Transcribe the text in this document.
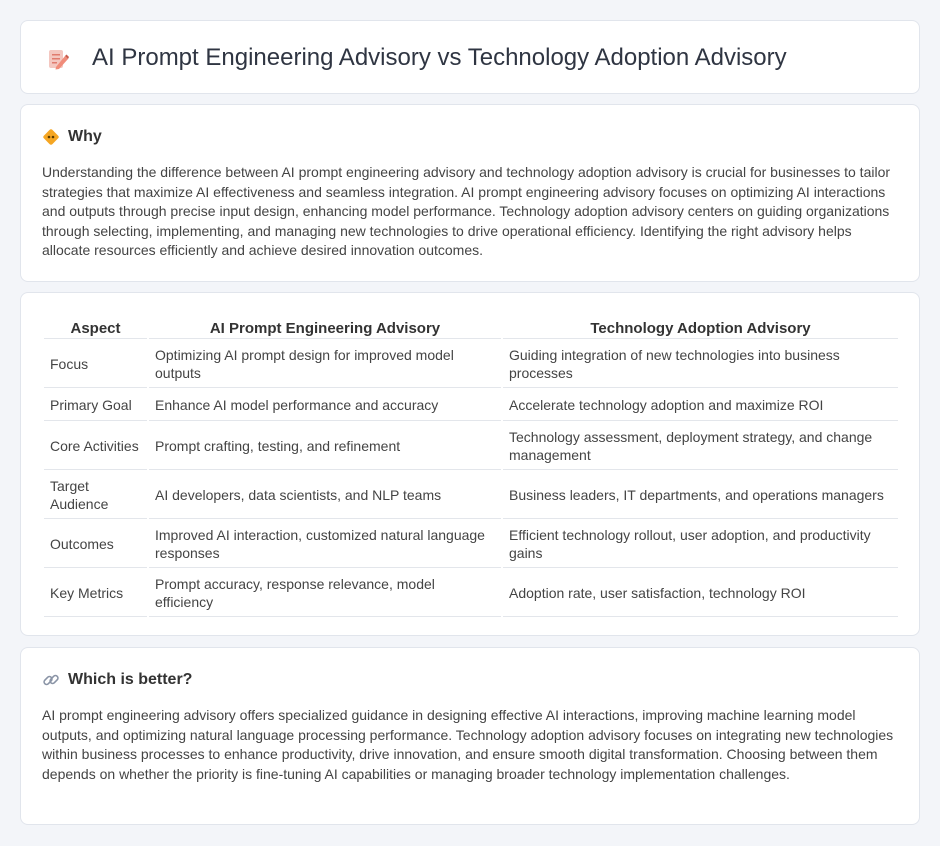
AI Prompt Engineering Advisory vs Technology Adoption Advisory
Why

Understanding the difference between AI prompt engineering advisory and technology adoption advisory is crucial for businesses to tailor strategies that maximize AI effectiveness and seamless integration. AI prompt engineering advisory focuses on optimizing AI interactions and outputs through precise input design, enhancing model performance. Technology adoption advisory centers on guiding organizations through selecting, implementing, and managing new technologies to drive operational efficiency. Identifying the right advisory helps allocate resources efficiently and achieve desired innovation outcomes.

Aspect	AI Prompt Engineering Advisory	Technology Adoption Advisory
Focus	Optimizing AI prompt design for improved model outputs	Guiding integration of new technologies into business processes
Primary Goal	Enhance AI model performance and accuracy	Accelerate technology adoption and maximize ROI
Core Activities	Prompt crafting, testing, and refinement	Technology assessment, deployment strategy, and change management
Target Audience	AI developers, data scientists, and NLP teams	Business leaders, IT departments, and operations managers
Outcomes	Improved AI interaction, customized natural language responses	Efficient technology rollout, user adoption, and productivity gains
Key Metrics	Prompt accuracy, response relevance, model efficiency	Adoption rate, user satisfaction, technology ROI
Which is better?

AI prompt engineering advisory offers specialized guidance in designing effective AI interactions, improving machine learning model outputs, and optimizing natural language processing performance. Technology adoption advisory focuses on integrating new technologies within business processes to enhance productivity, drive innovation, and ensure smooth digital transformation. Choosing between them depends on whether the priority is fine-tuning AI capabilities or managing broader technology implementation challenges.
